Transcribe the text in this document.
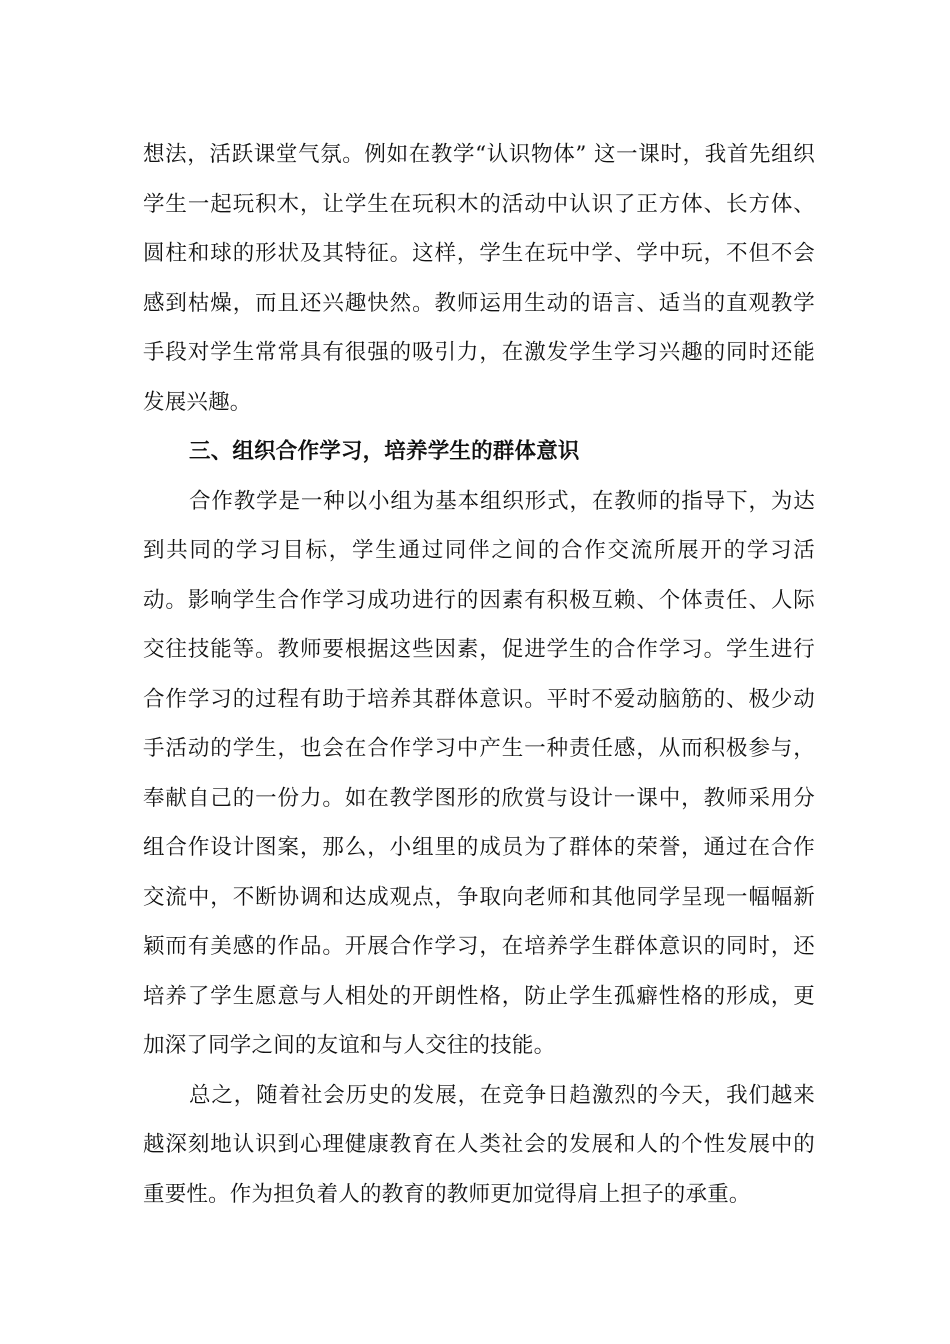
想法，活跃课堂气氛。例如在教学“认识物体” 这一课时，我首先组织学生一起玩积木，让学生在玩积木的活动中认识了正方体、长方体、圆柱和球的形状及其特征。这样，学生在玩中学、学中玩，不但不会感到枯燥，而且还兴趣快然。教师运用生动的语言、适当的直观教学手段对学生常常具有很强的吸引力，在激发学生学习兴趣的同时还能发展兴趣。

三、组织合作学习，培养学生的群体意识

合作教学是一种以小组为基本组织形式，在教师的指导下，为达到共同的学习目标，学生通过同伴之间的合作交流所展开的学习活动。影响学生合作学习成功进行的因素有积极互赖、个体责任、人际交往技能等。教师要根据这些因素，促进学生的合作学习。学生进行合作学习的过程有助于培养其群体意识。平时不爱动脑筋的、极少动手活动的学生，也会在合作学习中产生一种责任感，从而积极参与，奉献自己的一份力。如在教学图形的欣赏与设计一课中，教师采用分组合作设计图案，那么，小组里的成员为了群体的荣誉，通过在合作交流中，不断协调和达成观点，争取向老师和其他同学呈现一幅幅新颖而有美感的作品。开展合作学习，在培养学生群体意识的同时，还培养了学生愿意与人相处的开朗性格，防止学生孤癖性格的形成，更加深了同学之间的友谊和与人交往的技能。

总之，随着社会历史的发展，在竞争日趋激烈的今天，我们越来越深刻地认识到心理健康教育在人类社会的发展和人的个性发展中的重要性。作为担负着人的教育的教师更加觉得肩上担子的承重。
